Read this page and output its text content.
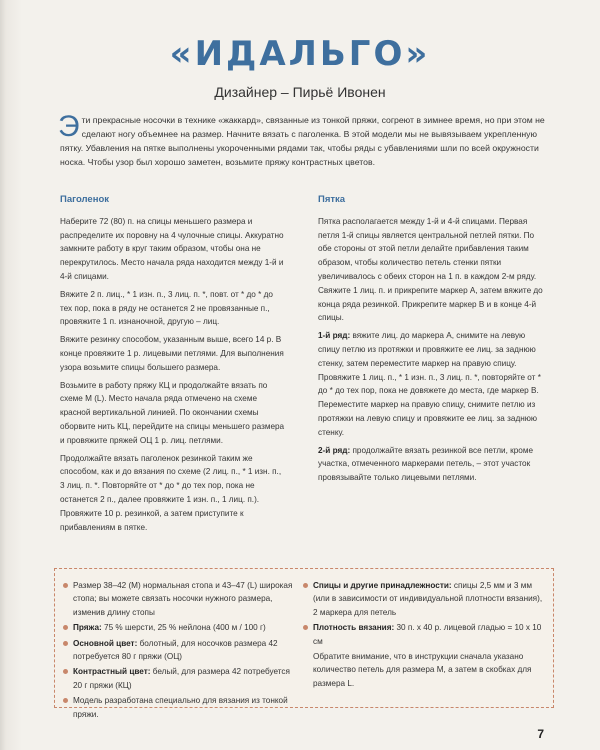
«ИДАЛЬГО»
Дизайнер – Пирьё Ивонен
Эти прекрасные носочки в технике «жаккард», связанные из тонкой пряжи, согреют в зимнее время, но при этом не сделают ногу объемнее на размер. Начните вязать с паголенка. В этой модели мы не вывязываем укрепленную пятку. Убавления на пятке выполнены укороченными рядами так, чтобы ряды с убавлениями шли по всей окружности носка. Чтобы узор был хорошо заметен, возьмите пряжу контрастных цветов.
Паголенок

Наберите 72 (80) п. на спицы меньшего размера и распределите их поровну на 4 чулочные спицы. Аккуратно замкните работу в круг таким образом, чтобы она не перекрутилось. Место начала ряда находится между 1-й и 4-й спицами.

Вяжите 2 п. лиц., * 1 изн. п., 3 лиц. п. *, повт. от * до * до тех пор, пока в ряду не останется 2 не провязанные п., провяжите 1 п. изнаночной, другую – лиц.

Вяжите резинку способом, указанным выше, всего 14 р. В конце провяжите 1 р. лицевыми петлями. Для выполнения узора возьмите спицы большего размера.

Возьмите в работу пряжу КЦ и продолжайте вязать по схеме М (L). Место начала ряда отмечено на схеме красной вертикальной линией. По окончании схемы оборвите нить КЦ, перейдите на спицы меньшего размера и провяжите пряжей ОЦ 1 р. лиц. петлями.

Продолжайте вязать паголенок резинкой таким же способом, как и до вязания по схеме (2 лиц. п., * 1 изн. п., 3 лиц. п. *. Повторяйте от * до * до тех пор, пока не останется 2 п., далее провяжите 1 изн. п., 1 лиц. п.). Провяжите 10 р. резинкой, а затем приступите к прибавлениям в пятке.

Пятка

Пятка располагается между 1-й и 4-й спицами. Первая петля 1-й спицы является центральной петлей пятки. По обе стороны от этой петли делайте прибавления таким образом, чтобы количество петель стенки пятки увеличивалось с обеих сторон на 1 п. в каждом 2-м ряду. Свяжите 1 лиц. п. и прикрепите маркер А, затем вяжите до конца ряда резинкой. Прикрепите маркер В и в конце 4-й спицы.

1-й ряд: вяжите лиц. до маркера А, снимите на левую спицу петлю из протяжки и провяжите ее лиц. за заднюю стенку, затем переместите маркер на правую спицу. Провяжите 1 лиц. п., * 1 изн. п., 3 лиц. п. *, повторяйте от * до * до тех пор, пока не довяжете до места, где маркер В. Переместите маркер на правую спицу, снимите петлю из протяжки на левую спицу и провяжите ее лиц. за заднюю стенку.

2-й ряд: продолжайте вязать резинкой все петли, кроме участка, отмеченного маркерами петель, – этот участок провязывайте только лицевыми петлями.

Размер 38–42 (M) нормальная стопа и 43–47 (L) широкая стопа; вы можете связать носочки нужного размера, изменив длину стопы
Пряжа: 75 % шерсти, 25 % нейлона (400 м / 100 г)
Основной цвет: болотный, для носочков размера 42 потребуется 80 г пряжи (ОЦ)
Контрастный цвет: белый, для размера 42 потребуется 20 г пряжи (КЦ)
Модель разработана специально для вязания из тонкой пряжи.
Спицы и другие принадлежности: спицы 2,5 мм и 3 мм (или в зависимости от индивидуальной плотности вязания), 2 маркера для петель
Плотность вязания: 30 п. х 40 р. лицевой гладью = 10 х 10 см
Обратите внимание, что в инструкции сначала указано количество петель для размера М, а затем в скобках для размера L.
7
